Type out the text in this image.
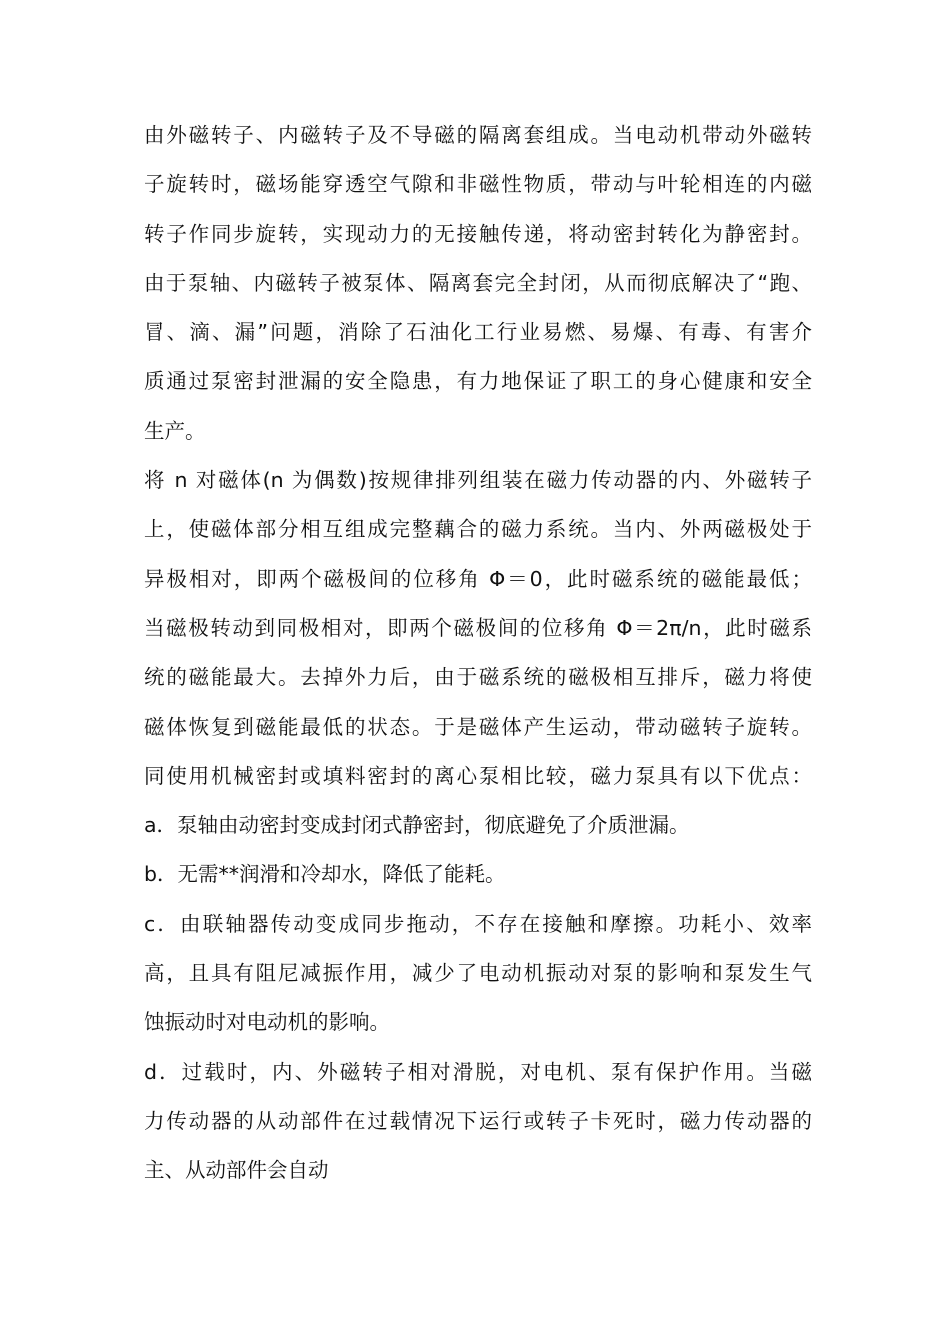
由外磁转子、内磁转子及不导磁的隔离套组成。当电动机带动外磁转
子旋转时，磁场能穿透空气隙和非磁性物质，带动与叶轮相连的内磁
转子作同步旋转，实现动力的无接触传递，将动密封转化为静密封。
由于泵轴、内磁转子被泵体、隔离套完全封闭，从而彻底解决了“跑、
冒、滴、漏”问题，消除了石油化工行业易燃、易爆、有毒、有害介
质通过泵密封泄漏的安全隐患，有力地保证了职工的身心健康和安全
生产。
将 n 对磁体(n 为偶数)按规律排列组装在磁力传动器的内、外磁转子
上，使磁体部分相互组成完整藕合的磁力系统。当内、外两磁极处于
异极相对，即两个磁极间的位移角 Φ＝0，此时磁系统的磁能最低；
当磁极转动到同极相对，即两个磁极间的位移角 Φ＝2π/n，此时磁系
统的磁能最大。去掉外力后，由于磁系统的磁极相互排斥，磁力将使
磁体恢复到磁能最低的状态。于是磁体产生运动，带动磁转子旋转。
同使用机械密封或填料密封的离心泵相比较，磁力泵具有以下优点：
a．泵轴由动密封变成封闭式静密封，彻底避免了介质泄漏。
b．无需**润滑和冷却水，降低了能耗。
c．由联轴器传动变成同步拖动，不存在接触和摩擦。功耗小、效率
高，且具有阻尼减振作用，减少了电动机振动对泵的影响和泵发生气
蚀振动时对电动机的影响。
d．过载时，内、外磁转子相对滑脱，对电机、泵有保护作用。当磁
力传动器的从动部件在过载情况下运行或转子卡死时，磁力传动器的
主、从动部件会自动
